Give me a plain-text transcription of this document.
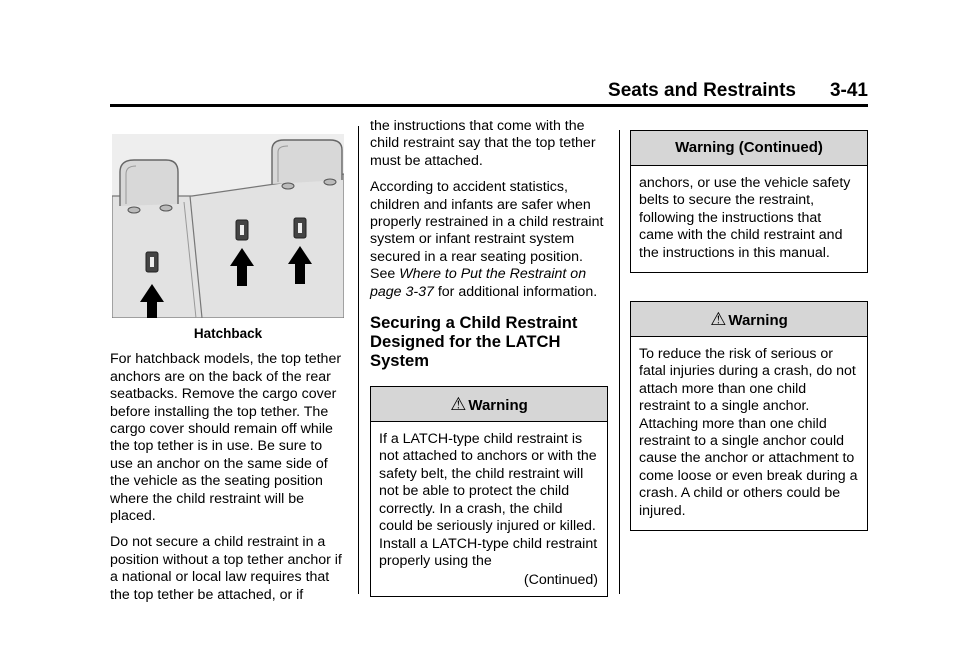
Seats and Restraints 3-41

Hatchback

For hatchback models, the top tether anchors are on the back of the rear seatbacks. Remove the cargo cover before installing the top tether. The cargo cover should remain off while the top tether is in use. Be sure to use an anchor on the same side of the vehicle as the seating position where the child restraint will be placed.

Do not secure a child restraint in a position without a top tether anchor if a national or local law requires that the top tether be attached, or if

the instructions that come with the child restraint say that the top tether must be attached.

According to accident statistics, children and infants are safer when properly restrained in a child restraint system or infant restraint system secured in a rear seating position. See Where to Put the Restraint on page 3-37 for additional information.

Securing a Child Restraint Designed for the LATCH System
⚠ Warning
If a LATCH-type child restraint is not attached to anchors or with the safety belt, the child restraint will not be able to protect the child correctly. In a crash, the child could be seriously injured or killed. Install a LATCH-type child restraint properly using the
(Continued)
Warning (Continued)
anchors, or use the vehicle safety belts to secure the restraint, following the instructions that came with the child restraint and the instructions in this manual.
⚠ Warning
To reduce the risk of serious or fatal injuries during a crash, do not attach more than one child restraint to a single anchor. Attaching more than one child restraint to a single anchor could cause the anchor or attachment to come loose or even break during a crash. A child or others could be injured.
